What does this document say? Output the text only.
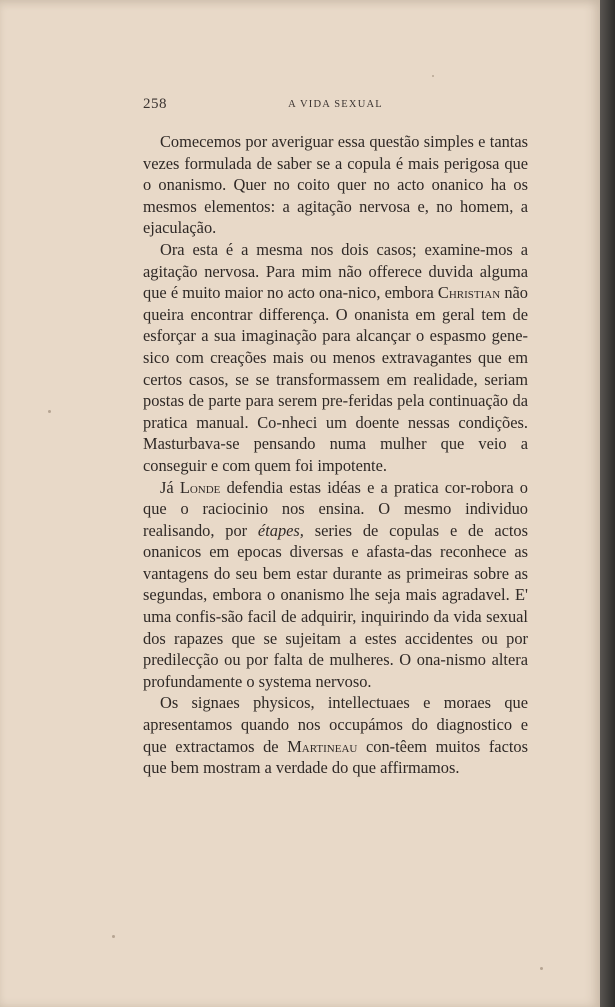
258	A VIDA SEXUAL

Comecemos por averiguar essa questão simples e tantas vezes formulada de saber se a copula é mais perigosa que o onanismo. Quer no coito quer no acto onanico ha os mesmos elementos: a agitação nervosa e, no homem, a ejaculação.

Ora esta é a mesma nos dois casos; examine-mos a agitação nervosa. Para mim não offerece duvida alguma que é muito maior no acto ona-nico, embora Christian não queira encontrar differença. O onanista em geral tem de esforçar a sua imaginação para alcançar o espasmo gene-sico com creações mais ou menos extravagantes que em certos casos, se se transformassem em realidade, seriam postas de parte para serem pre-feridas pela continuação da pratica manual. Co-nheci um doente nessas condições. Masturbava-se pensando numa mulher que veio a conseguir e com quem foi impotente.

Já Londe defendia estas idéas e a pratica cor-robora o que o raciocinio nos ensina. O mesmo individuo realisando, por étapes, series de copulas e de actos onanicos em epocas diversas e afasta-das reconhece as vantagens do seu bem estar durante as primeiras sobre as segundas, embora o onanismo lhe seja mais agradavel. E' uma confis-são facil de adquirir, inquirindo da vida sexual dos rapazes que se sujeitam a estes accidentes ou por predilecção ou por falta de mulheres. O ona-nismo altera profundamente o systema nervoso.

Os signaes physicos, intellectuaes e moraes que apresentamos quando nos occupámos do diagnostico e que extractamos de Martineau con-têem muitos factos que bem mostram a verdade do que affirmamos.
